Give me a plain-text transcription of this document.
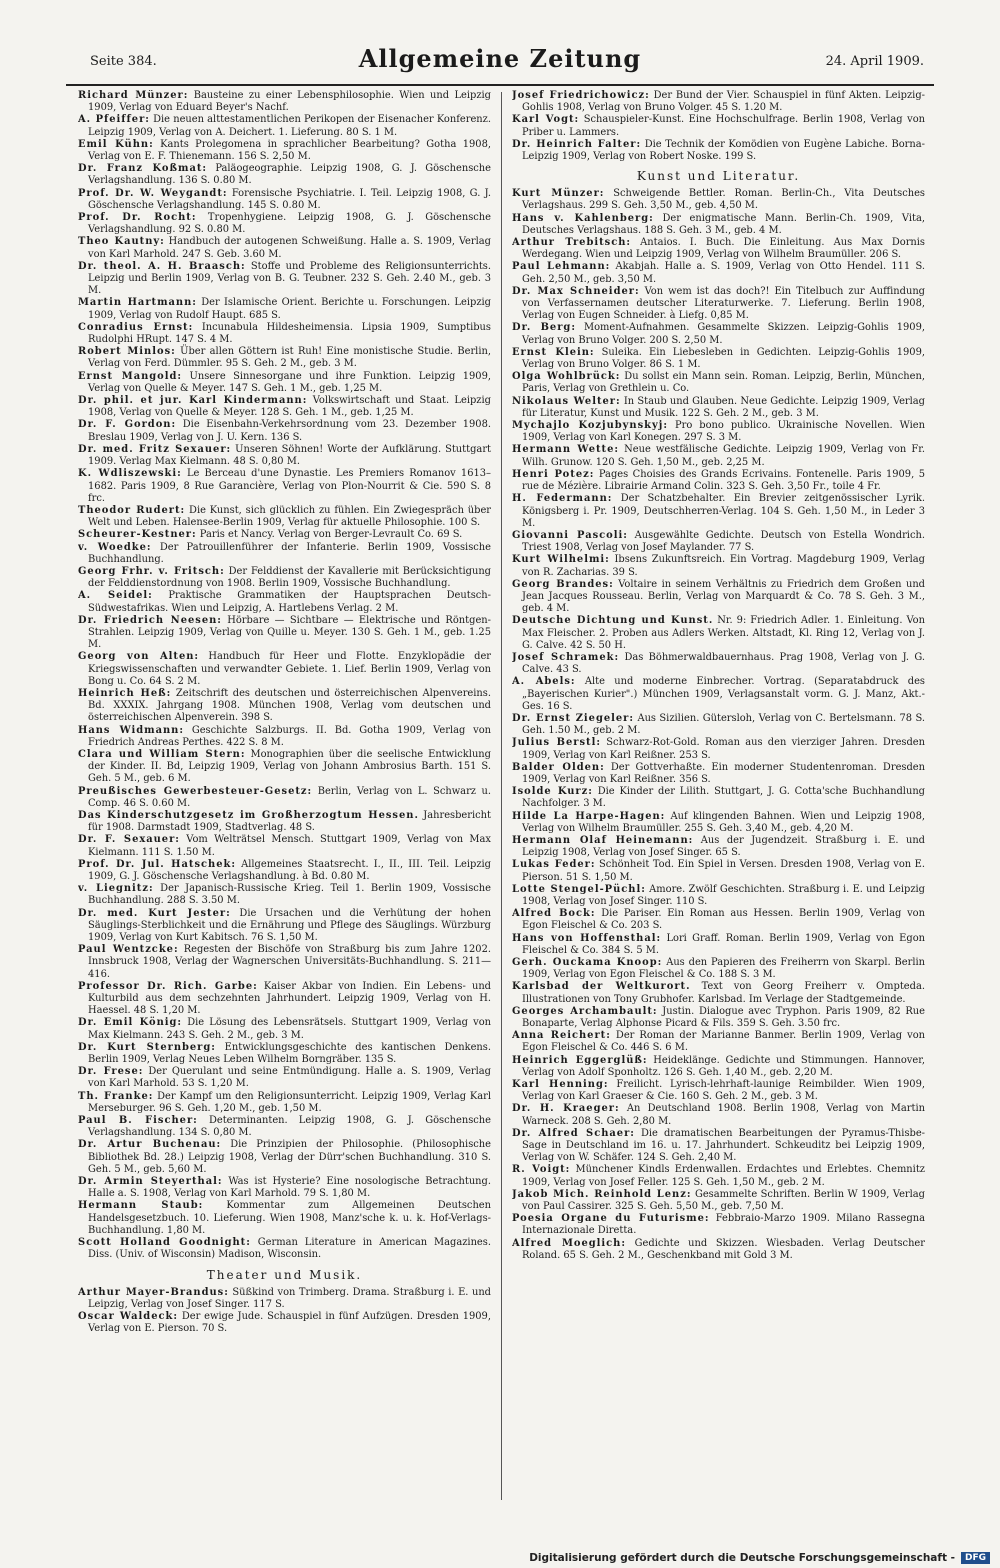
Seite 384.	Allgemeine Zeitung	24. April 1909.

Richard Münzer: Bausteine zu einer Lebensphilosophie. Wien und Leipzig 1909, Verlag von Eduard Beyer's Nachf.

A. Pfeiffer: Die neuen alttestamentlichen Perikopen der Eisenacher Konferenz. Leipzig 1909, Verlag von A. Deichert. 1. Lieferung. 80 S. 1 M.

Emil Kühn: Kants Prolegomena in sprachlicher Bearbeitung? Gotha 1908, Verlag von E. F. Thienemann. 156 S. 2,50 M.

Dr. Franz Koßmat: Paläogeographie. Leipzig 1908, G. J. Göschensche Verlagshandlung. 136 S. 0.80 M.

Prof. Dr. W. Weygandt: Forensische Psychiatrie. I. Teil. Leipzig 1908, G. J. Göschensche Verlagshandlung. 145 S. 0.80 M.

Prof. Dr. Rocht: Tropenhygiene. Leipzig 1908, G. J. Göschensche Verlagshandlung. 92 S. 0.80 M.

Theo Kautny: Handbuch der autogenen Schweißung. Halle a. S. 1909, Verlag von Karl Marhold. 247 S. Geb. 3.60 M.

Dr. theol. A. H. Braasch: Stoffe und Probleme des Religionsunterrichts. Leipzig und Berlin 1909, Verlag von B. G. Teubner. 232 S. Geh. 2.40 M., geb. 3 M.

Martin Hartmann: Der Islamische Orient. Berichte u. Forschungen. Leipzig 1909, Verlag von Rudolf Haupt. 685 S.

Conradius Ernst: Incunabula Hildesheimensia. Lipsia 1909, Sumptibus Rudolphi HRupt. 147 S. 4 M.

Robert Minlos: Über allen Göttern ist Ruh! Eine monistische Studie. Berlin, Verlag von Ferd. Dümmler. 95 S. Geh. 2 M., geb. 3 M.

Ernst Mangold: Unsere Sinnesorgane und ihre Funktion. Leipzig 1909, Verlag von Quelle & Meyer. 147 S. Geh. 1 M., geb. 1,25 M.

Dr. phil. et jur. Karl Kindermann: Volkswirtschaft und Staat. Leipzig 1908, Verlag von Quelle & Meyer. 128 S. Geh. 1 M., geb. 1,25 M.

Dr. F. Gordon: Die Eisenbahn-Verkehrsordnung vom 23. Dezember 1908. Breslau 1909, Verlag von J. U. Kern. 136 S.

Dr. med. Fritz Sexauer: Unseren Söhnen! Worte der Aufklärung. Stuttgart 1909. Verlag Max Kielmann. 48 S. 0,80 M.

K. Wdliszewski: Le Berceau d'une Dynastie. Les Premiers Romanov 1613–1682. Paris 1909, 8 Rue Garancière, Verlag von Plon-Nourrit & Cie. 590 S. 8 frc.

Theodor Rudert: Die Kunst, sich glücklich zu fühlen. Ein Zwiegespräch über Welt und Leben. Halensee-Berlin 1909, Verlag für aktuelle Philosophie. 100 S.

Scheurer-Kestner: Paris et Nancy. Verlag von Berger-Levrault Co. 69 S.

v. Woedke: Der Patrouillenführer der Infanterie. Berlin 1909, Vossische Buchhandlung.

Georg Frhr. v. Fritsch: Der Felddienst der Kavallerie mit Berücksichtigung der Felddienstordnung von 1908. Berlin 1909, Vossische Buchhandlung.

A. Seidel: Praktische Grammatiken der Hauptsprachen Deutsch-Südwestafrikas. Wien und Leipzig, A. Hartlebens Verlag. 2 M.

Dr. Friedrich Neesen: Hörbare — Sichtbare — Elektrische und Röntgen-Strahlen. Leipzig 1909, Verlag von Quille u. Meyer. 130 S. Geh. 1 M., geb. 1.25 M.

Georg von Alten: Handbuch für Heer und Flotte. Enzyklopädie der Kriegswissenschaften und verwandter Gebiete. 1. Lief. Berlin 1909, Verlag von Bong u. Co. 64 S. 2 M.

Heinrich Heß: Zeitschrift des deutschen und österreichischen Alpenvereins. Bd. XXXIX. Jahrgang 1908. München 1908, Verlag vom deutschen und österreichischen Alpenverein. 398 S.

Hans Widmann: Geschichte Salzburgs. II. Bd. Gotha 1909, Verlag von Friedrich Andreas Perthes. 422 S. 8 M.

Clara und William Stern: Monographien über die seelische Entwicklung der Kinder. II. Bd, Leipzig 1909, Verlag von Johann Ambrosius Barth. 151 S. Geh. 5 M., geb. 6 M.

Preußisches Gewerbesteuer-Gesetz: Berlin, Verlag von L. Schwarz u. Comp. 46 S. 0.60 M.

Das Kinderschutzgesetz im Großherzogtum Hessen. Jahresbericht für 1908. Darmstadt 1909, Stadtverlag. 48 S.

Dr. F. Sexauer: Vom Welträtsel Mensch. Stuttgart 1909, Verlag von Max Kielmann. 111 S. 1.50 M.

Prof. Dr. Jul. Hatschek: Allgemeines Staatsrecht. I., II., III. Teil. Leipzig 1909, G. J. Göschensche Verlagshandlung. à Bd. 0.80 M.

v. Liegnitz: Der Japanisch-Russische Krieg. Teil 1. Berlin 1909, Vossische Buchhandlung. 288 S. 3.50 M.

Dr. med. Kurt Jester: Die Ursachen und die Verhütung der hohen Säuglings-Sterblichkeit und die Ernährung und Pflege des Säuglings. Würzburg 1909, Verlag von Kurt Kabitsch. 76 S. 1,50 M.

Paul Wentzcke: Regesten der Bischöfe von Straßburg bis zum Jahre 1202. Innsbruck 1908, Verlag der Wagnerschen Universitäts-Buchhandlung. S. 211—416.

Professor Dr. Rich. Garbe: Kaiser Akbar von Indien. Ein Lebens- und Kulturbild aus dem sechzehnten Jahrhundert. Leipzig 1909, Verlag von H. Haessel. 48 S. 1,20 M.

Dr. Emil König: Die Lösung des Lebensrätsels. Stuttgart 1909, Verlag von Max Kielmann. 243 S. Geh. 2 M., geb. 3 M.

Dr. Kurt Sternberg: Entwicklungsgeschichte des kantischen Denkens. Berlin 1909, Verlag Neues Leben Wilhelm Borngräber. 135 S.

Dr. Frese: Der Querulant und seine Entmündigung. Halle a. S. 1909, Verlag von Karl Marhold. 53 S. 1,20 M.

Th. Franke: Der Kampf um den Religionsunterricht. Leipzig 1909, Verlag Karl Merseburger. 96 S. Geh. 1,20 M., geb. 1,50 M.

Paul B. Fischer: Determinanten. Leipzig 1908, G. J. Göschensche Verlagshandlung. 134 S. 0,80 M.

Dr. Artur Buchenau: Die Prinzipien der Philosophie. (Philosophische Bibliothek Bd. 28.) Leipzig 1908, Verlag der Dürr'schen Buchhandlung. 310 S. Geh. 5 M., geb. 5,60 M.

Dr. Armin Steyerthal: Was ist Hysterie? Eine nosologische Betrachtung. Halle a. S. 1908, Verlag von Karl Marhold. 79 S. 1,80 M.

Hermann Staub: Kommentar zum Allgemeinen Deutschen Handelsgesetzbuch. 10. Lieferung. Wien 1908, Manz'sche k. u. k. Hof-Verlags-Buchhandlung. 1,80 M.

Scott Holland Goodnight: German Literature in American Magazines. Diss. (Univ. of Wisconsin) Madison, Wisconsin.

Theater und Musik.

Arthur Mayer-Brandus: Süßkind von Trimberg. Drama. Straßburg i. E. und Leipzig, Verlag von Josef Singer. 117 S.

Oscar Waldeck: Der ewige Jude. Schauspiel in fünf Aufzügen. Dresden 1909, Verlag von E. Pierson. 70 S.

Josef Friedrichowicz: Der Bund der Vier. Schauspiel in fünf Akten. Leipzig-Gohlis 1908, Verlag von Bruno Volger. 45 S. 1.20 M.

Karl Vogt: Schauspieler-Kunst. Eine Hochschulfrage. Berlin 1908, Verlag von Priber u. Lammers.

Dr. Heinrich Falter: Die Technik der Komödien von Eugène Labiche. Borna-Leipzig 1909, Verlag von Robert Noske. 199 S.

Kunst und Literatur.

Kurt Münzer: Schweigende Bettler. Roman. Berlin-Ch., Vita Deutsches Verlagshaus. 299 S. Geh. 3,50 M., geb. 4,50 M.

Hans v. Kahlenberg: Der enigmatische Mann. Berlin-Ch. 1909, Vita, Deutsches Verlagshaus. 188 S. Geh. 3 M., geb. 4 M.

Arthur Trebitsch: Antaios. I. Buch. Die Einleitung. Aus Max Dornis Werdegang. Wien und Leipzig 1909, Verlag von Wilhelm Braumüller. 206 S.

Paul Lehmann: Akabjah. Halle a. S. 1909, Verlag von Otto Hendel. 111 S. Geh. 2,50 M., geb. 3,50 M.

Dr. Max Schneider: Von wem ist das doch?! Ein Titelbuch zur Auffindung von Verfassernamen deutscher Literaturwerke. 7. Lieferung. Berlin 1908, Verlag von Eugen Schneider. à Liefg. 0,85 M.

Dr. Berg: Moment-Aufnahmen. Gesammelte Skizzen. Leipzig-Gohlis 1909, Verlag von Bruno Volger. 200 S. 2,50 M.

Ernst Klein: Suleika. Ein Liebesleben in Gedichten. Leipzig-Gohlis 1909, Verlag von Bruno Volger. 86 S. 1 M.

Olga Wohlbrück: Du sollst ein Mann sein. Roman. Leipzig, Berlin, München, Paris, Verlag von Grethlein u. Co.

Nikolaus Welter: In Staub und Glauben. Neue Gedichte. Leipzig 1909, Verlag für Literatur, Kunst und Musik. 122 S. Geh. 2 M., geb. 3 M.

Mychajlo Kozjubynskyj: Pro bono publico. Ukrainische Novellen. Wien 1909, Verlag von Karl Konegen. 297 S. 3 M.

Hermann Wette: Neue westfälische Gedichte. Leipzig 1909, Verlag von Fr. Wilh. Grunow. 120 S. Geh. 1,50 M., geb. 2,25 M.

Henri Potez: Pages Choisies des Grands Ecrivains. Fontenelle. Paris 1909, 5 rue de Mézière. Librairie Armand Colin. 323 S. Geh. 3,50 Fr., toile 4 Fr.

H. Federmann: Der Schatzbehalter. Ein Brevier zeitgenössischer Lyrik. Königsberg i. Pr. 1909, Deutschherren-Verlag. 104 S. Geh. 1,50 M., in Leder 3 M.

Giovanni Pascoli: Ausgewählte Gedichte. Deutsch von Estella Wondrich. Triest 1908, Verlag von Josef Maylander. 77 S.

Kurt Wilhelmi: Ibsens Zukunftsreich. Ein Vortrag. Magdeburg 1909, Verlag von R. Zacharias. 39 S.

Georg Brandes: Voltaire in seinem Verhältnis zu Friedrich dem Großen und Jean Jacques Rousseau. Berlin, Verlag von Marquardt & Co. 78 S. Geh. 3 M., geb. 4 M.

Deutsche Dichtung und Kunst. Nr. 9: Friedrich Adler. 1. Einleitung. Von Max Fleischer. 2. Proben aus Adlers Werken. Altstadt, Kl. Ring 12, Verlag von J. G. Calve. 42 S. 50 H.

Josef Schramek: Das Böhmerwaldbauernhaus. Prag 1908, Verlag von J. G. Calve. 43 S.

A. Abels: Alte und moderne Einbrecher. Vortrag. (Separatabdruck des „Bayerischen Kurier".) München 1909, Verlagsanstalt vorm. G. J. Manz, Akt.-Ges. 16 S.

Dr. Ernst Ziegeler: Aus Sizilien. Gütersloh, Verlag von C. Bertelsmann. 78 S. Geh. 1.50 M., geb. 2 M.

Julius Berstl: Schwarz-Rot-Gold. Roman aus den vierziger Jahren. Dresden 1909, Verlag von Karl Reißner. 253 S.

Balder Olden: Der Gottverhaßte. Ein moderner Studentenroman. Dresden 1909, Verlag von Karl Reißner. 356 S.

Isolde Kurz: Die Kinder der Lilith. Stuttgart, J. G. Cotta'sche Buchhandlung Nachfolger. 3 M.

Hilde La Harpe-Hagen: Auf klingenden Bahnen. Wien und Leipzig 1908, Verlag von Wilhelm Braumüller. 255 S. Geh. 3,40 M., geb. 4,20 M.

Hermann Olaf Heinemann: Aus der Jugendzeit. Straßburg i. E. und Leipzig 1908, Verlag von Josef Singer. 65 S.

Lukas Feder: Schönheit Tod. Ein Spiel in Versen. Dresden 1908, Verlag von E. Pierson. 51 S. 1,50 M.

Lotte Stengel-Püchl: Amore. Zwölf Geschichten. Straßburg i. E. und Leipzig 1908, Verlag von Josef Singer. 110 S.

Alfred Bock: Die Pariser. Ein Roman aus Hessen. Berlin 1909, Verlag von Egon Fleischel & Co. 203 S.

Hans von Hoffensthal: Lori Graff. Roman. Berlin 1909, Verlag von Egon Fleischel & Co. 384 S. 5 M.

Gerh. Ouckama Knoop: Aus den Papieren des Freiherrn von Skarpl. Berlin 1909, Verlag von Egon Fleischel & Co. 188 S. 3 M.

Karlsbad der Weltkurort. Text von Georg Freiherr v. Ompteda. Illustrationen von Tony Grubhofer. Karlsbad. Im Verlage der Stadtgemeinde.

Georges Archambault: Justin. Dialogue avec Tryphon. Paris 1909, 82 Rue Bonaparte, Verlag Alphonse Picard & Fils. 359 S. Geh. 3.50 frc.

Anna Reichert: Der Roman der Marianne Banmer. Berlin 1909, Verlag von Egon Fleischel & Co. 446 S. 6 M.

Heinrich Eggerglüß: Heideklänge. Gedichte und Stimmungen. Hannover, Verlag von Adolf Sponholtz. 126 S. Geh. 1,40 M., geb. 2,20 M.

Karl Henning: Freilicht. Lyrisch-lehrhaft-launige Reimbilder. Wien 1909, Verlag von Karl Graeser & Cie. 160 S. Geh. 2 M., geb. 3 M.

Dr. H. Kraeger: An Deutschland 1908. Berlin 1908, Verlag von Martin Warneck. 208 S. Geh. 2,80 M.

Dr. Alfred Schaer: Die dramatischen Bearbeitungen der Pyramus-Thisbe-Sage in Deutschland im 16. u. 17. Jahrhundert. Schkeuditz bei Leipzig 1909, Verlag von W. Schäfer. 124 S. Geh. 2,40 M.

R. Voigt: Münchener Kindls Erdenwallen. Erdachtes und Erlebtes. Chemnitz 1909, Verlag von Josef Feller. 125 S. Geh. 1,50 M., geb. 2 M.

Jakob Mich. Reinhold Lenz: Gesammelte Schriften. Berlin W 1909, Verlag von Paul Cassirer. 325 S. Geh. 5,50 M., geb. 7,50 M.

Poesia Organe du Futurisme: Febbraio-Marzo 1909. Milano Rassegna Internazionale Diretta.

Alfred Moeglich: Gedichte und Skizzen. Wiesbaden. Verlag Deutscher Roland. 65 S. Geh. 2 M., Geschenkband mit Gold 3 M.

Digitalisierung gefördert durch die Deutsche Forschungsgemeinschaft -	DFG
